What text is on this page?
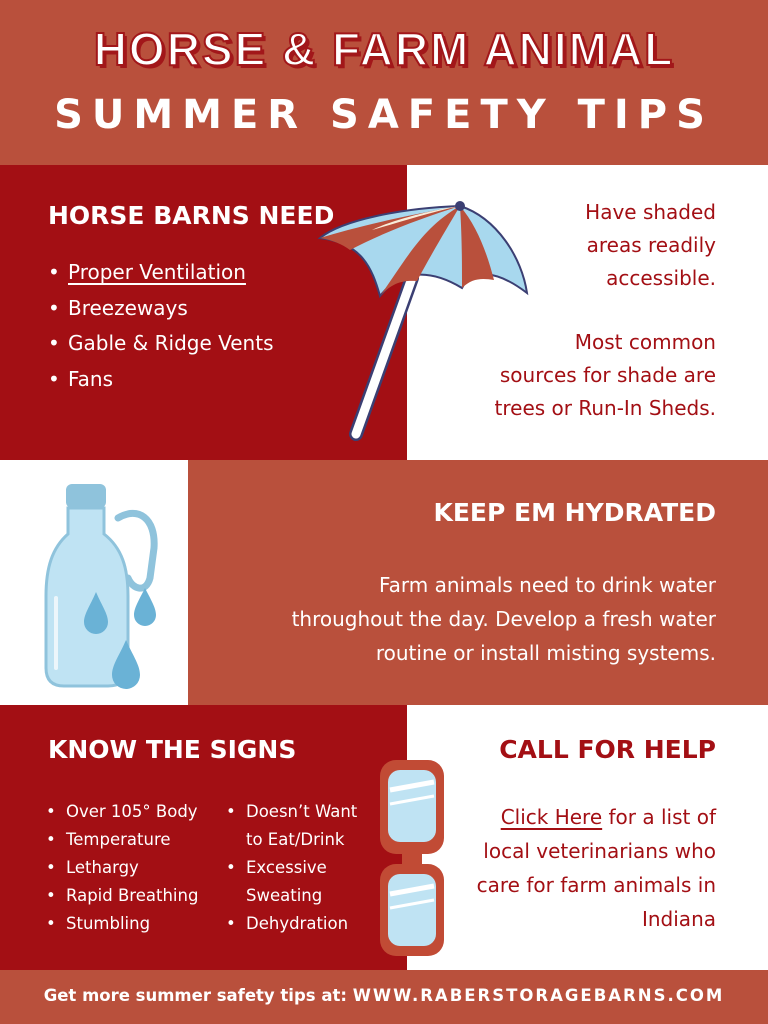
HORSE & FARM ANIMAL
SUMMER SAFETY TIPS
HORSE BARNS NEED
• Proper Ventilation
• Breezeways
• Gable & Ridge Vents
• Fans
Have shaded
areas readily
accessible.
Most common
sources for shade are
trees or Run-In Sheds.
KEEP EM HYDRATED
Farm animals need to drink water
throughout the day. Develop a fresh water
routine or install misting systems.
KNOW THE SIGNS
• Over 105° Body
• Temperature
• Lethargy
• Rapid Breathing
• Stumbling
• Doesn’t Want
to Eat/Drink
• Excessive
Sweating
• Dehydration
CALL FOR HELP
Click Here for a list of
local veterinarians who
care for farm animals in
Indiana
Get more summer safety tips at: WWW.RABERSTORAGEBARNS.COM
